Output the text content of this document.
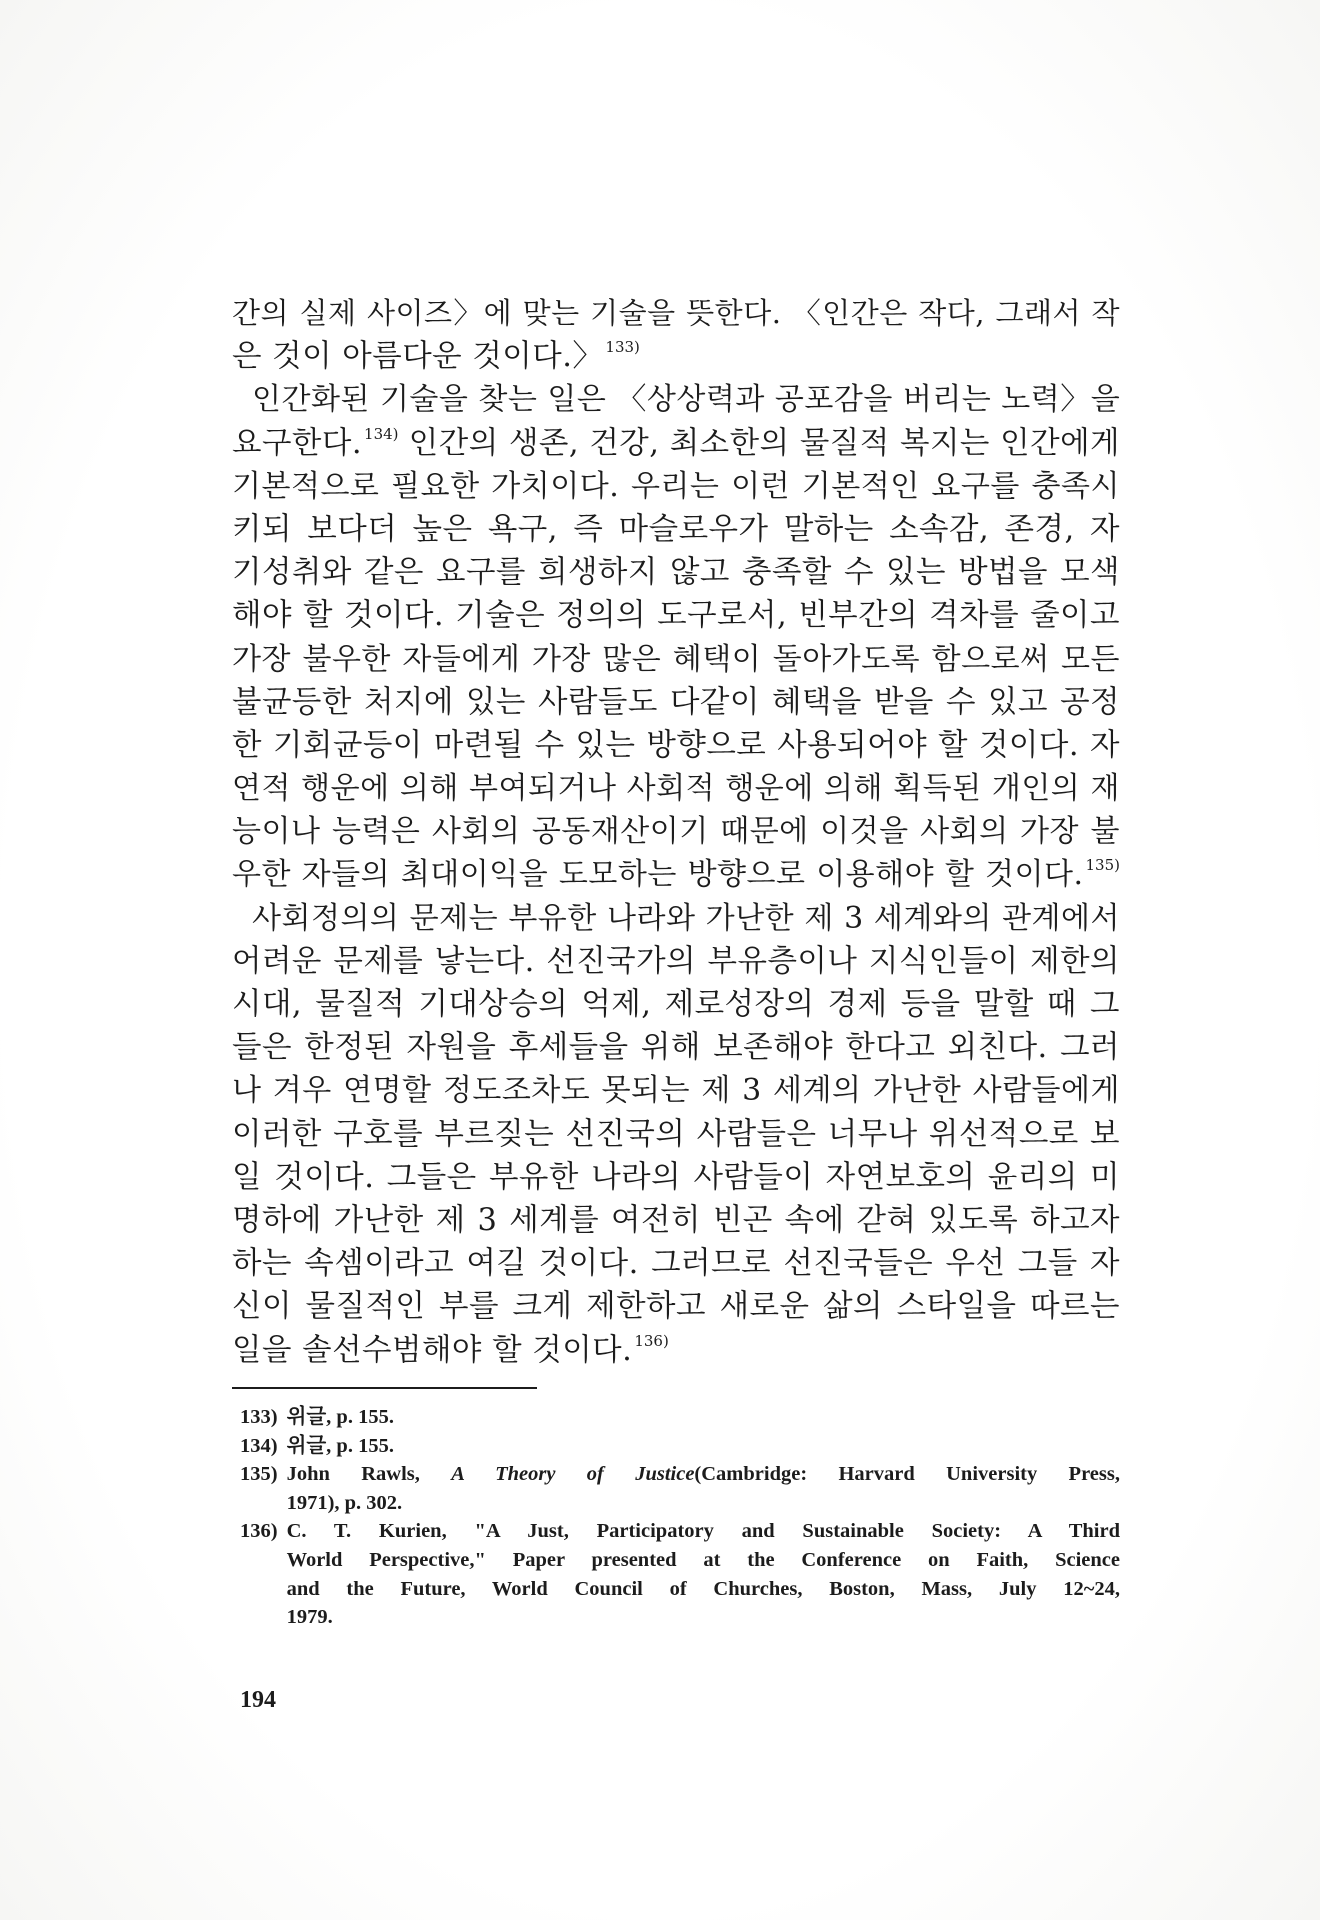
간의 실제 사이즈〉에 맞는 기술을 뜻한다. 〈인간은 작다, 그래서 작
은 것이 아름다운 것이다.〉 $^{133)}$
인간화된 기술을 찾는 일은 〈상상력과 공포감을 버리는 노력〉을
요구한다. $^{134)}$ 인간의 생존, 건강, 최소한의 물질적 복지는 인간에게
기본적으로 필요한 가치이다. 우리는 이런 기본적인 요구를 충족시
키되 보다더 높은 욕구, 즉 마슬로우가 말하는 소속감, 존경, 자
기성취와 같은 요구를 희생하지 않고 충족할 수 있는 방법을 모색
해야 할 것이다. 기술은 정의의 도구로서, 빈부간의 격차를 줄이고
가장 불우한 자들에게 가장 많은 혜택이 돌아가도록 함으로써 모든
불균등한 처지에 있는 사람들도 다같이 혜택을 받을 수 있고 공정
한 기회균등이 마련될 수 있는 방향으로 사용되어야 할 것이다. 자
연적 행운에 의해 부여되거나 사회적 행운에 의해 획득된 개인의 재
능이나 능력은 사회의 공동재산이기 때문에 이것을 사회의 가장 불
우한 자들의 최대이익을 도모하는 방향으로 이용해야 할 것이다. $^{135)}$
사회정의의 문제는 부유한 나라와 가난한 제 3 세계와의 관계에서
어려운 문제를 낳는다. 선진국가의 부유층이나 지식인들이 제한의
시대, 물질적 기대상승의 억제, 제로성장의 경제 등을 말할 때 그
들은 한정된 자원을 후세들을 위해 보존해야 한다고 외친다. 그러
나 겨우 연명할 정도조차도 못되는 제 3 세계의 가난한 사람들에게
이러한 구호를 부르짖는 선진국의 사람들은 너무나 위선적으로 보
일 것이다. 그들은 부유한 나라의 사람들이 자연보호의 윤리의 미
명하에 가난한 제 3 세계를 여전히 빈곤 속에 갇혀 있도록 하고자
하는 속셈이라고 여길 것이다. 그러므로 선진국들은 우선 그들 자
신이 물질적인 부를 크게 제한하고 새로운 삶의 스타일을 따르는
일을 솔선수범해야 할 것이다. $^{136)}$
133) 위글, p. 155.
134) 위글, p. 155.
135) John Rawls, A Theory of Justice(Cambridge: Harvard University Press,
1971), p. 302.
136) C. T. Kurien, "A Just, Participatory and Sustainable Society: A Third
World Perspective," Paper presented at the Conference on Faith, Science
and the Future, World Council of Churches, Boston, Mass, July 12~24,
1979.
194
